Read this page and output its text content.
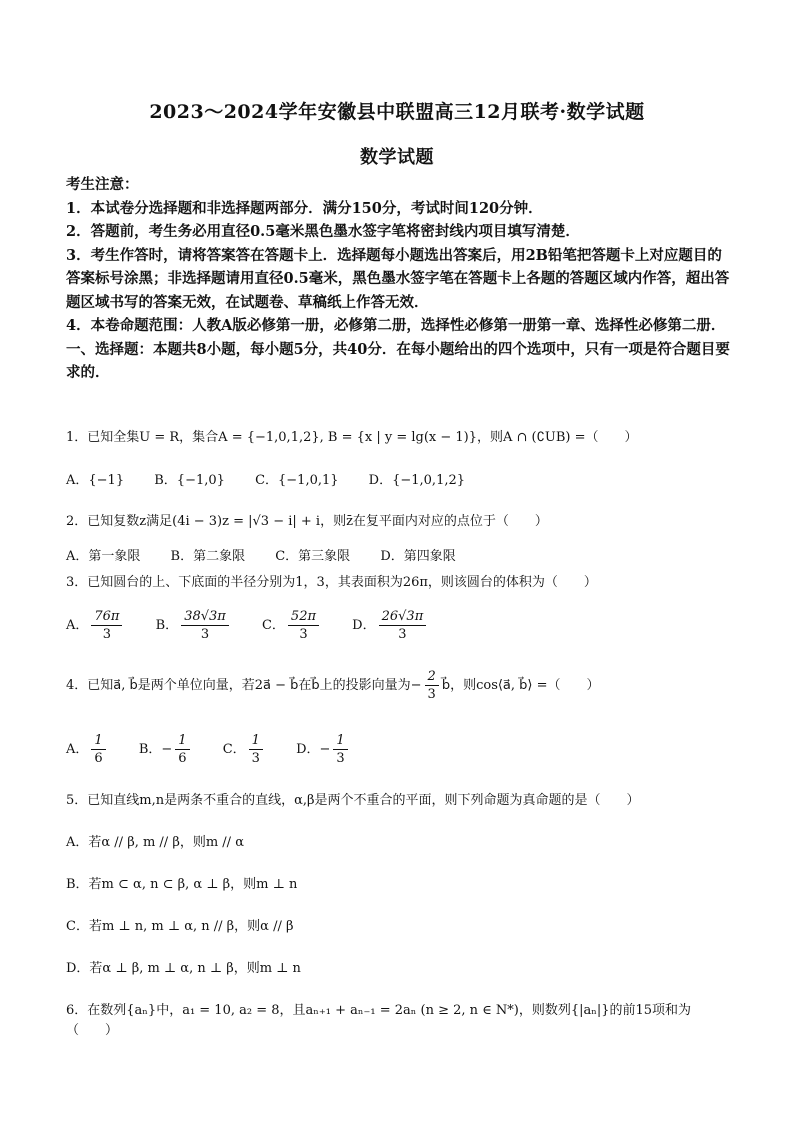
2023～2024学年安徽县中联盟高三12月联考·数学试题
数学试题

考生注意：

1．本试卷分选择题和非选择题两部分．满分150分，考试时间120分钟．

2．答题前，考生务必用直径0.5毫米黑色墨水签字笔将密封线内项目填写清楚．

3．考生作答时，请将答案答在答题卡上．选择题每小题选出答案后，用2B铅笔把答题卡上对应题目的答案标号涂黑；非选择题请用直径0.5毫米，黑色墨水签字笔在答题卡上各题的答题区域内作答，超出答题区域书写的答案无效，在试题卷、草稿纸上作答无效．

4．本卷命题范围：人教A版必修第一册，必修第二册，选择性必修第一册第一章、选择性必修第二册．

一、选择题：本题共8小题，每小题5分，共40分．在每小题给出的四个选项中，只有一项是符合题目要求的．

1．已知全集U = R，集合A = {−1,0,1,2}, B = {x | y = lg(x − 1)}，则A ∩ (∁UB) =（　　）
A．{−1} B．{−1,0} C．{−1,0,1} D．{−1,0,1,2}
2．已知复数z满足(4i − 3)z = |√3 − i| + i，则z̄在复平面内对应的点位于（　　）
A．第一象限 B．第二象限 C．第三象限 D．第四象限
3．已知圆台的上、下底面的半径分别为1，3，其表面积为26π，则该圆台的体积为（　　）
A． $\frac{76\pi}{3}$	B． $\frac{38√3\pi}{3}$	C． $\frac{52\pi}{3}$	D． $\frac{26√3\pi}{3}$
4．已知a⃗, b⃗是两个单位向量，若2a⃗ − b⃗在b⃗上的投影向量为− $\frac{2}{3}$ b⃗，则cos⟨a⃗, b⃗⟩ =（　　）
A． $\frac{1}{6}$	B．− $\frac{1}{6}$	C． $\frac{1}{3}$	D．− $\frac{1}{3}$
5．已知直线m,n是两条不重合的直线，α,β是两个不重合的平面，则下列命题为真命题的是（　　）
A．若α // β, m // β，则m // α
B．若m ⊂ α, n ⊂ β, α ⊥ β，则m ⊥ n
C．若m ⊥ n, m ⊥ α, n // β，则α // β
D．若α ⊥ β, m ⊥ α, n ⊥ β，则m ⊥ n
6．在数列{aₙ}中，a₁ = 10, a₂ = 8，且aₙ₊₁ + aₙ₋₁ = 2aₙ (n ≥ 2, n ∈ N*)，则数列{|aₙ|}的前15项和为（　　）
